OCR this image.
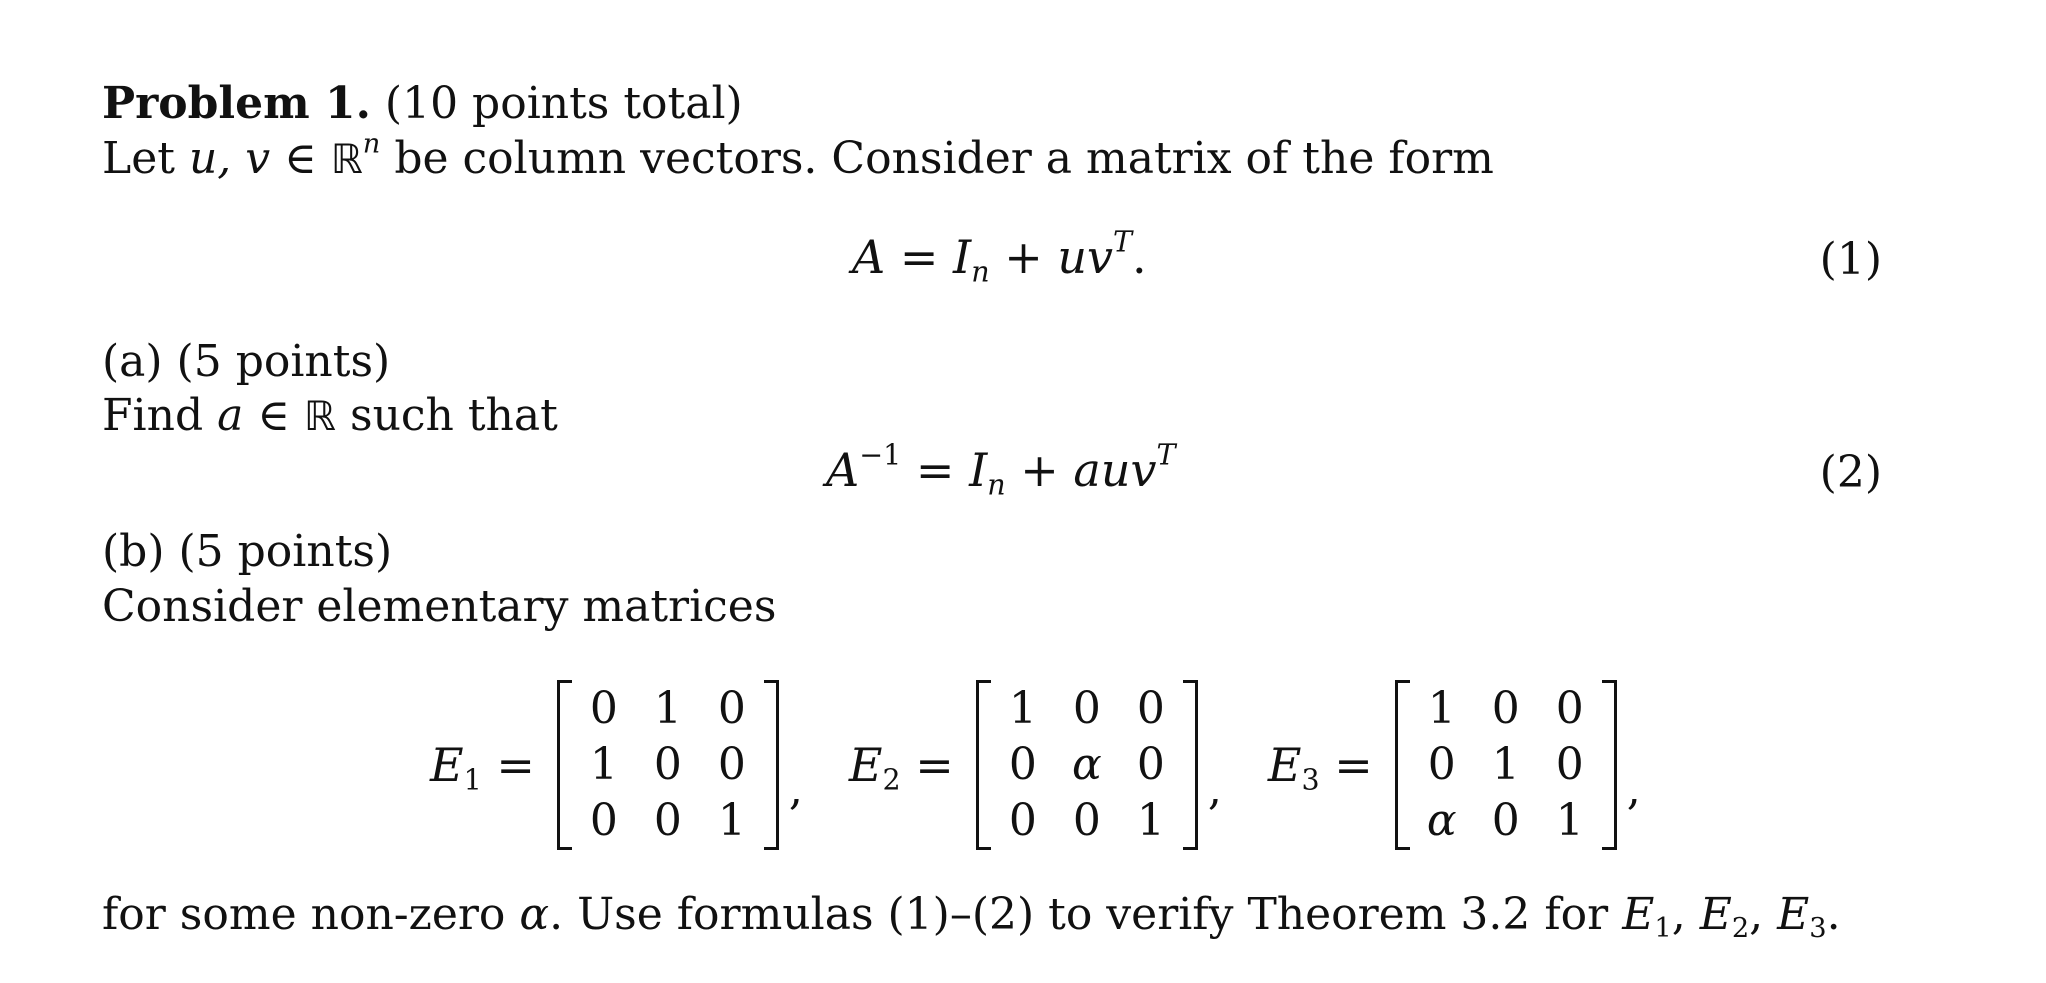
Problem 1. (10 points total)
Let u, v ∈ ℝ$^n$ be column vectors. Consider a matrix of the form
$A = I_n + uv^T$.	(1)
(a) (5 points)
Find a ∈ ℝ such that
$A^{-1} = I_n + auv^T$	(2)
(b) (5 points)
Consider elementary matrices
$E_1$ =
0 1 0
1 0 0
0 0 1
, $E_2$ =
1 0 0
0 α 0
0 0 1
, $E_3$ =
1 0 0
0 1 0
α 0 1
,
for some non-zero α. Use formulas (1)–(2) to verify Theorem 3.2 for $E_1$, $E_2$, $E_3$.
